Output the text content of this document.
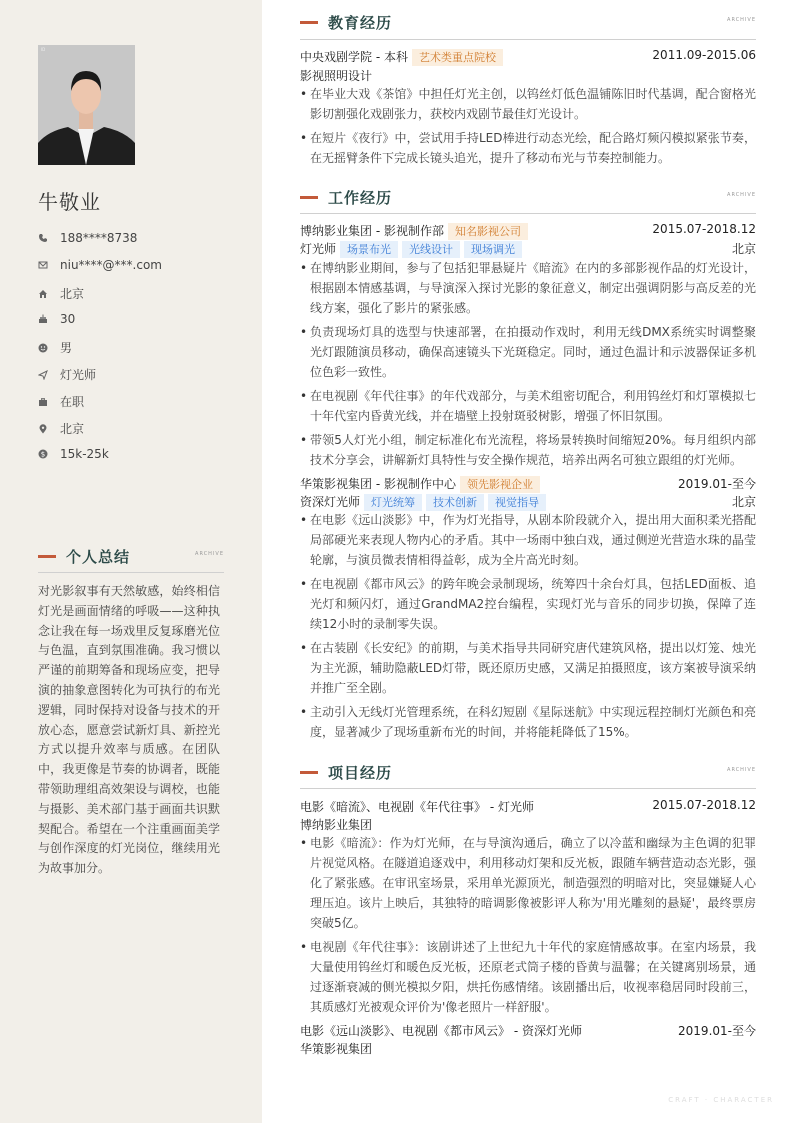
ID
牛敬业
188****8738
niu****@***.com
北京
30
男
灯光师
在职
北京
$ 15k-25k
个人总结	ARCHIVE
对光影叙事有天然敏感，始终相信灯光是画面情绪的呼吸——这种执念让我在每一场戏里反复琢磨光位与色温，直到氛围准确。我习惯以严谨的前期筹备和现场应变，把导演的抽象意图转化为可执行的布光逻辑，同时保持对设备与技术的开放心态，愿意尝试新灯具、新控光方式以提升效率与质感。在团队中，我更像是节奏的协调者，既能带领助理组高效架设与调校，也能与摄影、美术部门基于画面共识默契配合。希望在一个注重画面美学与创作深度的灯光岗位，继续用光为故事加分。
教育经历	ARCHIVE
中央戏剧学院 - 本科 艺术类重点院校	2011.09-2015.06
影视照明设计
• 在毕业大戏《茶馆》中担任灯光主创，以钨丝灯低色温铺陈旧时代基调，配合窗格光影切割强化戏剧张力，获校内戏剧节最佳灯光设计。
• 在短片《夜行》中，尝试用手持LED棒进行动态光绘，配合路灯频闪模拟紧张节奏，在无摇臂条件下完成长镜头追光，提升了移动布光与节奏控制能力。
工作经历	ARCHIVE
博纳影业集团 - 影视制作部 知名影视公司	2015.07-2018.12
灯光师 场景布光 光线设计 现场调光	北京
• 在博纳影业期间，参与了包括犯罪悬疑片《暗流》在内的多部影视作品的灯光设计，根据剧本情感基调，与导演深入探讨光影的象征意义，制定出强调阴影与高反差的光线方案，强化了影片的紧张感。
• 负责现场灯具的选型与快速部署，在拍摄动作戏时，利用无线DMX系统实时调整聚光灯跟随演员移动，确保高速镜头下光斑稳定。同时，通过色温计和示波器保证多机位色彩一致性。
• 在电视剧《年代往事》的年代戏部分，与美术组密切配合，利用钨丝灯和灯罩模拟七十年代室内昏黄光线，并在墙壁上投射斑驳树影，增强了怀旧氛围。
• 带领5人灯光小组，制定标准化布光流程，将场景转换时间缩短20%。每月组织内部技术分享会，讲解新灯具特性与安全操作规范，培养出两名可独立跟组的灯光师。
华策影视集团 - 影视制作中心 领先影视企业	2019.01-至今
资深灯光师 灯光统筹 技术创新 视觉指导	北京
• 在电影《远山淡影》中，作为灯光指导，从剧本阶段就介入，提出用大面积柔光搭配局部硬光来表现人物内心的矛盾。其中一场雨中独白戏，通过侧逆光营造水珠的晶莹轮廓，与演员微表情相得益彰，成为全片高光时刻。
• 在电视剧《都市风云》的跨年晚会录制现场，统筹四十余台灯具，包括LED面板、追光灯和频闪灯，通过GrandMA2控台编程，实现灯光与音乐的同步切换，保障了连续12小时的录制零失误。
• 在古装剧《长安纪》的前期，与美术指导共同研究唐代建筑风格，提出以灯笼、烛光为主光源，辅助隐蔽LED灯带，既还原历史感，又满足拍摄照度，该方案被导演采纳并推广至全剧。
• 主动引入无线灯光管理系统，在科幻短剧《星际迷航》中实现远程控制灯光颜色和亮度，显著减少了现场重新布光的时间，并将能耗降低了15%。
项目经历	ARCHIVE
电影《暗流》、电视剧《年代往事》 - 灯光师	2015.07-2018.12
博纳影业集团
• 电影《暗流》：作为灯光师，在与导演沟通后，确立了以冷蓝和幽绿为主色调的犯罪片视觉风格。在隧道追逐戏中，利用移动灯架和反光板，跟随车辆营造动态光影，强化了紧张感。在审讯室场景，采用单光源顶光，制造强烈的明暗对比，突显嫌疑人心理压迫。该片上映后，其独特的暗调影像被影评人称为'用光雕刻的悬疑'，最终票房突破5亿。
• 电视剧《年代往事》：该剧讲述了上世纪九十年代的家庭情感故事。在室内场景，我大量使用钨丝灯和暖色反光板，还原老式筒子楼的昏黄与温馨；在关键离别场景，通过逐渐衰减的侧光模拟夕阳，烘托伤感情绪。该剧播出后，收视率稳居同时段前三，其质感灯光被观众评价为'像老照片一样舒服'。
电影《远山淡影》、电视剧《都市风云》 - 资深灯光师	2019.01-至今
华策影视集团
CRAFT · CHARACTER
